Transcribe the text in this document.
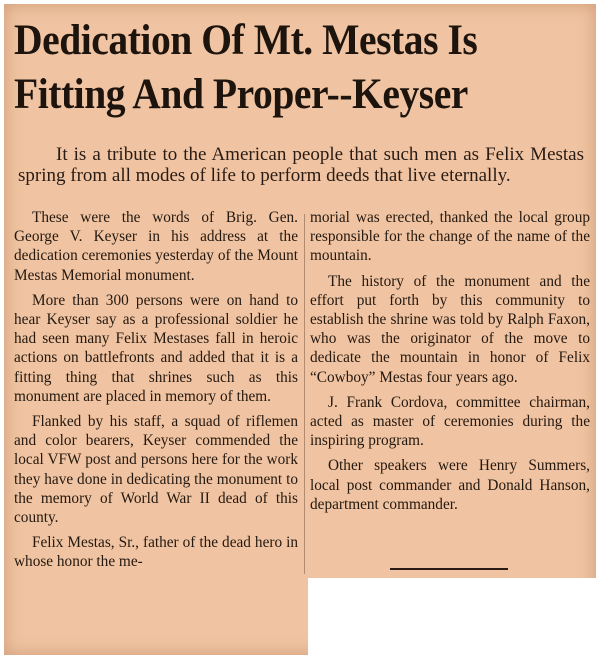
Dedication Of Mt. Mestas Is
Fitting And Proper--Keyser

It is a tribute to the American people that such men as Felix Mestas spring from all modes of life to perform deeds that live eternally.

These were the words of Brig. Gen. George V. Keyser in his address at the dedication ceremonies yesterday of the Mount Mestas Memorial monument.

More than 300 persons were on hand to hear Keyser say as a professional soldier he had seen many Felix Mestases fall in heroic actions on battlefronts and added that it is a fitting thing that shrines such as this monument are placed in memory of them.

Flanked by his staff, a squad of riflemen and color bearers, Keyser commended the local VFW post and persons here for the work they have done in dedicating the monument to the memory of World War II dead of this county.

Felix Mestas, Sr., father of the dead hero in whose honor the me-

morial was erected, thanked the local group responsible for the change of the name of the mountain.

The history of the monument and the effort put forth by this community to establish the shrine was told by Ralph Faxon, who was the originator of the move to dedicate the mountain in honor of Felix “Cowboy” Mestas four years ago.

J. Frank Cordova, committee chairman, acted as master of ceremonies during the inspiring program.

Other speakers were Henry Summers, local post commander and Donald Hanson, department commander.
